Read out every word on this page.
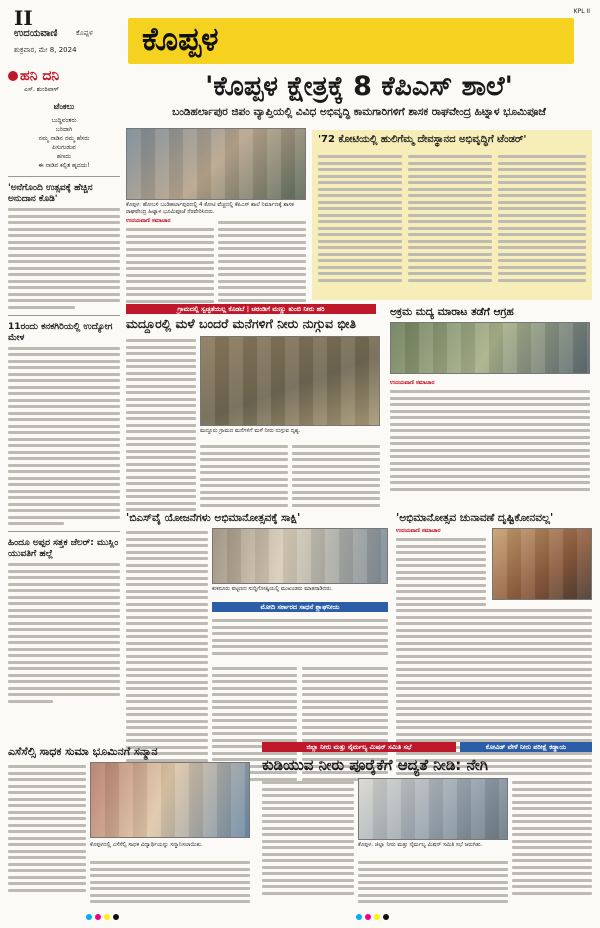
II
ಉದಯವಾಣಿ	ಕೊಪ್ಪಳ
ಶುಕ್ರವಾರ, ಮೇ 8, 2024 ಕೊಪ್ಪಳ
KPL II
ಹನಿ ದನಿ
ಎಸ್. ಶುಂಠಿಪಾಳ್
ಟೆಂಕಲು
ಬುದ್ಧಿವಂತರು
ಬರಿದಾಗಿ
ನಮ್ಮ ನಾಡಿನ ನಮ್ಮ ಹೆಸರು
ಪಿಸುಗುಡುವ
ಹಣದು
ಈ ನಾಡಿನ ಕಲ್ಪಿತ ಹೃದಯ!
'ಅನೆಗೊಂದಿ ಉತ್ಸವಕ್ಕೆ ಹೆಚ್ಚಿನ ಅನುದಾನ ಕೊಡಿ'
11ರಂದು ಕನಕಗಿರಿಯಲ್ಲಿ ಉದ್ಯೋಗ ಮೇಳ
ಹಿಂದೂ ಅಪ್ಪರ ಸತ್ತಕ ಜೆಲರ್: ಮುಸ್ಲಿಂ ಯುವತಿಗೆ ಹಲ್ಲೆ
'ಕೊಪ್ಪಳ ಕ್ಷೇತ್ರಕ್ಕೆ 8 ಕೆಪಿಎಸ್ ಶಾಲೆ'
ಬಂಡಿಹರ್ಲಾಪುರ ಜಿಪಂ ವ್ಯಾಪ್ತಿಯಲ್ಲಿ ವಿವಿಧ ಅಭಿವೃದ್ಧಿ ಕಾಮಗಾರಿಗಳಿಗೆ ಶಾಸಕ ರಾಘವೇಂದ್ರ ಹಿಟ್ನಾಳ ಭೂಮಿಪೂಜೆ
ಕೊಪ್ಪಳ: ಹೋಬಳಿ ಬಂಡಿಹರ್ಲಾಪುರದಲ್ಲಿ 4 ಕೋಟಿ ವೆಚ್ಚದಲ್ಲಿ ಕೆಪಿಎಸ್ ಶಾಲೆ ನಿರ್ಮಾಣಕ್ಕೆ ಶಾಸಕ ರಾಘವೇಂದ್ರ ಹಿಟ್ನಾಳ ಭೂಮಿಪೂಜೆ ನೆರವೇರಿಸಿದರು.
ಉದಯವಾಣಿ ಸಮಾಚಾರ
'72 ಕೋಟಿಯಲ್ಲಿ ಹುಲಿಗೆಮ್ಮ ದೇವಸ್ಥಾನದ ಅಭಿವೃದ್ಧಿಗೆ ಟೆಂಡರ್'
ಗ್ರಾಮದಲ್ಲಿ ಸ್ವಚ್ಛತೆಯಲ್ಲ ಕೊಡಬೆ | ಚರಂಡಿಗೆ ಮಣ್ಣು ತುಂಬಿ ನೀರು ಹರಿ
ಮದ್ದೂರಲ್ಲಿ ಮಳೆ ಬಂದರೆ ಮನೆಗಳಿಗೆ ನೀರು ನುಗ್ಗುವ ಭೀತಿ
ಮದ್ದೂರು ಗ್ರಾಮದ ಮನೆಗಳಿಗೆ ಮಳೆ ನೀರು ನುಗ್ಗುವ ದೃಶ್ಯ.
ಅಕ್ರಮ ಮದ್ಯ ಮಾರಾಟ ತಡೆಗೆ ಆಗ್ರಹ
ಉದಯವಾಣಿ ಸಮಾಚಾರ
'ಬಿಎಸ್‌ವೈ ಯೋಜನೆಗಳು ಅಭಿಮಾನೋತ್ಸವಕ್ಕೆ ಸಾಕ್ಷಿ'
ಕುಕನೂರು ಪಟ್ಟಣದ ಸುದ್ದಿಗೋಷ್ಠಿಯಲ್ಲಿ ಮುಖಂಡರು ಮಾತನಾಡಿದರು.
ಮೋದಿ ಸರ್ಕಾರದ ಸಾಧನೆ ಶ್ಲಾಘನೀಯ
'ಅಭಿಮಾನೋತ್ಸವ ಚುನಾವಣೆ ದೃಷ್ಟಿಕೋನವಲ್ಲ'
ಉದಯವಾಣಿ ಸಮಾಚಾರ
ಎಸೆಸೆಲ್ಸಿ ಸಾಧಕ ಸುಮಾ ಭೂಮಿನಗೆ ಸನ್ಮಾನ
ಕೊಪ್ಪಳದಲ್ಲಿ ಎಸೆಸೆಲ್ಸಿ ಸಾಧಕ ವಿದ್ಯಾರ್ಥಿಯನ್ನು ಸನ್ಮಾನಿಸಲಾಯಿತು.
ಜಿಲ್ಲಾ ನೀರು ಮತ್ತು ನೈರ್ಮಲ್ಯ ಮಿಷನ್ ಸಮಿತಿ ಸಭೆ	ಕೋವಿಡ್ ವೇಳೆ ನೀರು ಪರೀಕ್ಷೆ ಕಡ್ಡಾಯ
ಕುಡಿಯುವ ನೀರು ಪೂರೈಕೆಗೆ ಆದ್ಯತೆ ನೀಡಿ: ನೇಗಿ
ಕೊಪ್ಪಳ: ಜಿಲ್ಲಾ ನೀರು ಮತ್ತು ನೈರ್ಮಲ್ಯ ಮಿಷನ್ ಸಮಿತಿ ಸಭೆ ಜರುಗಿತು.
